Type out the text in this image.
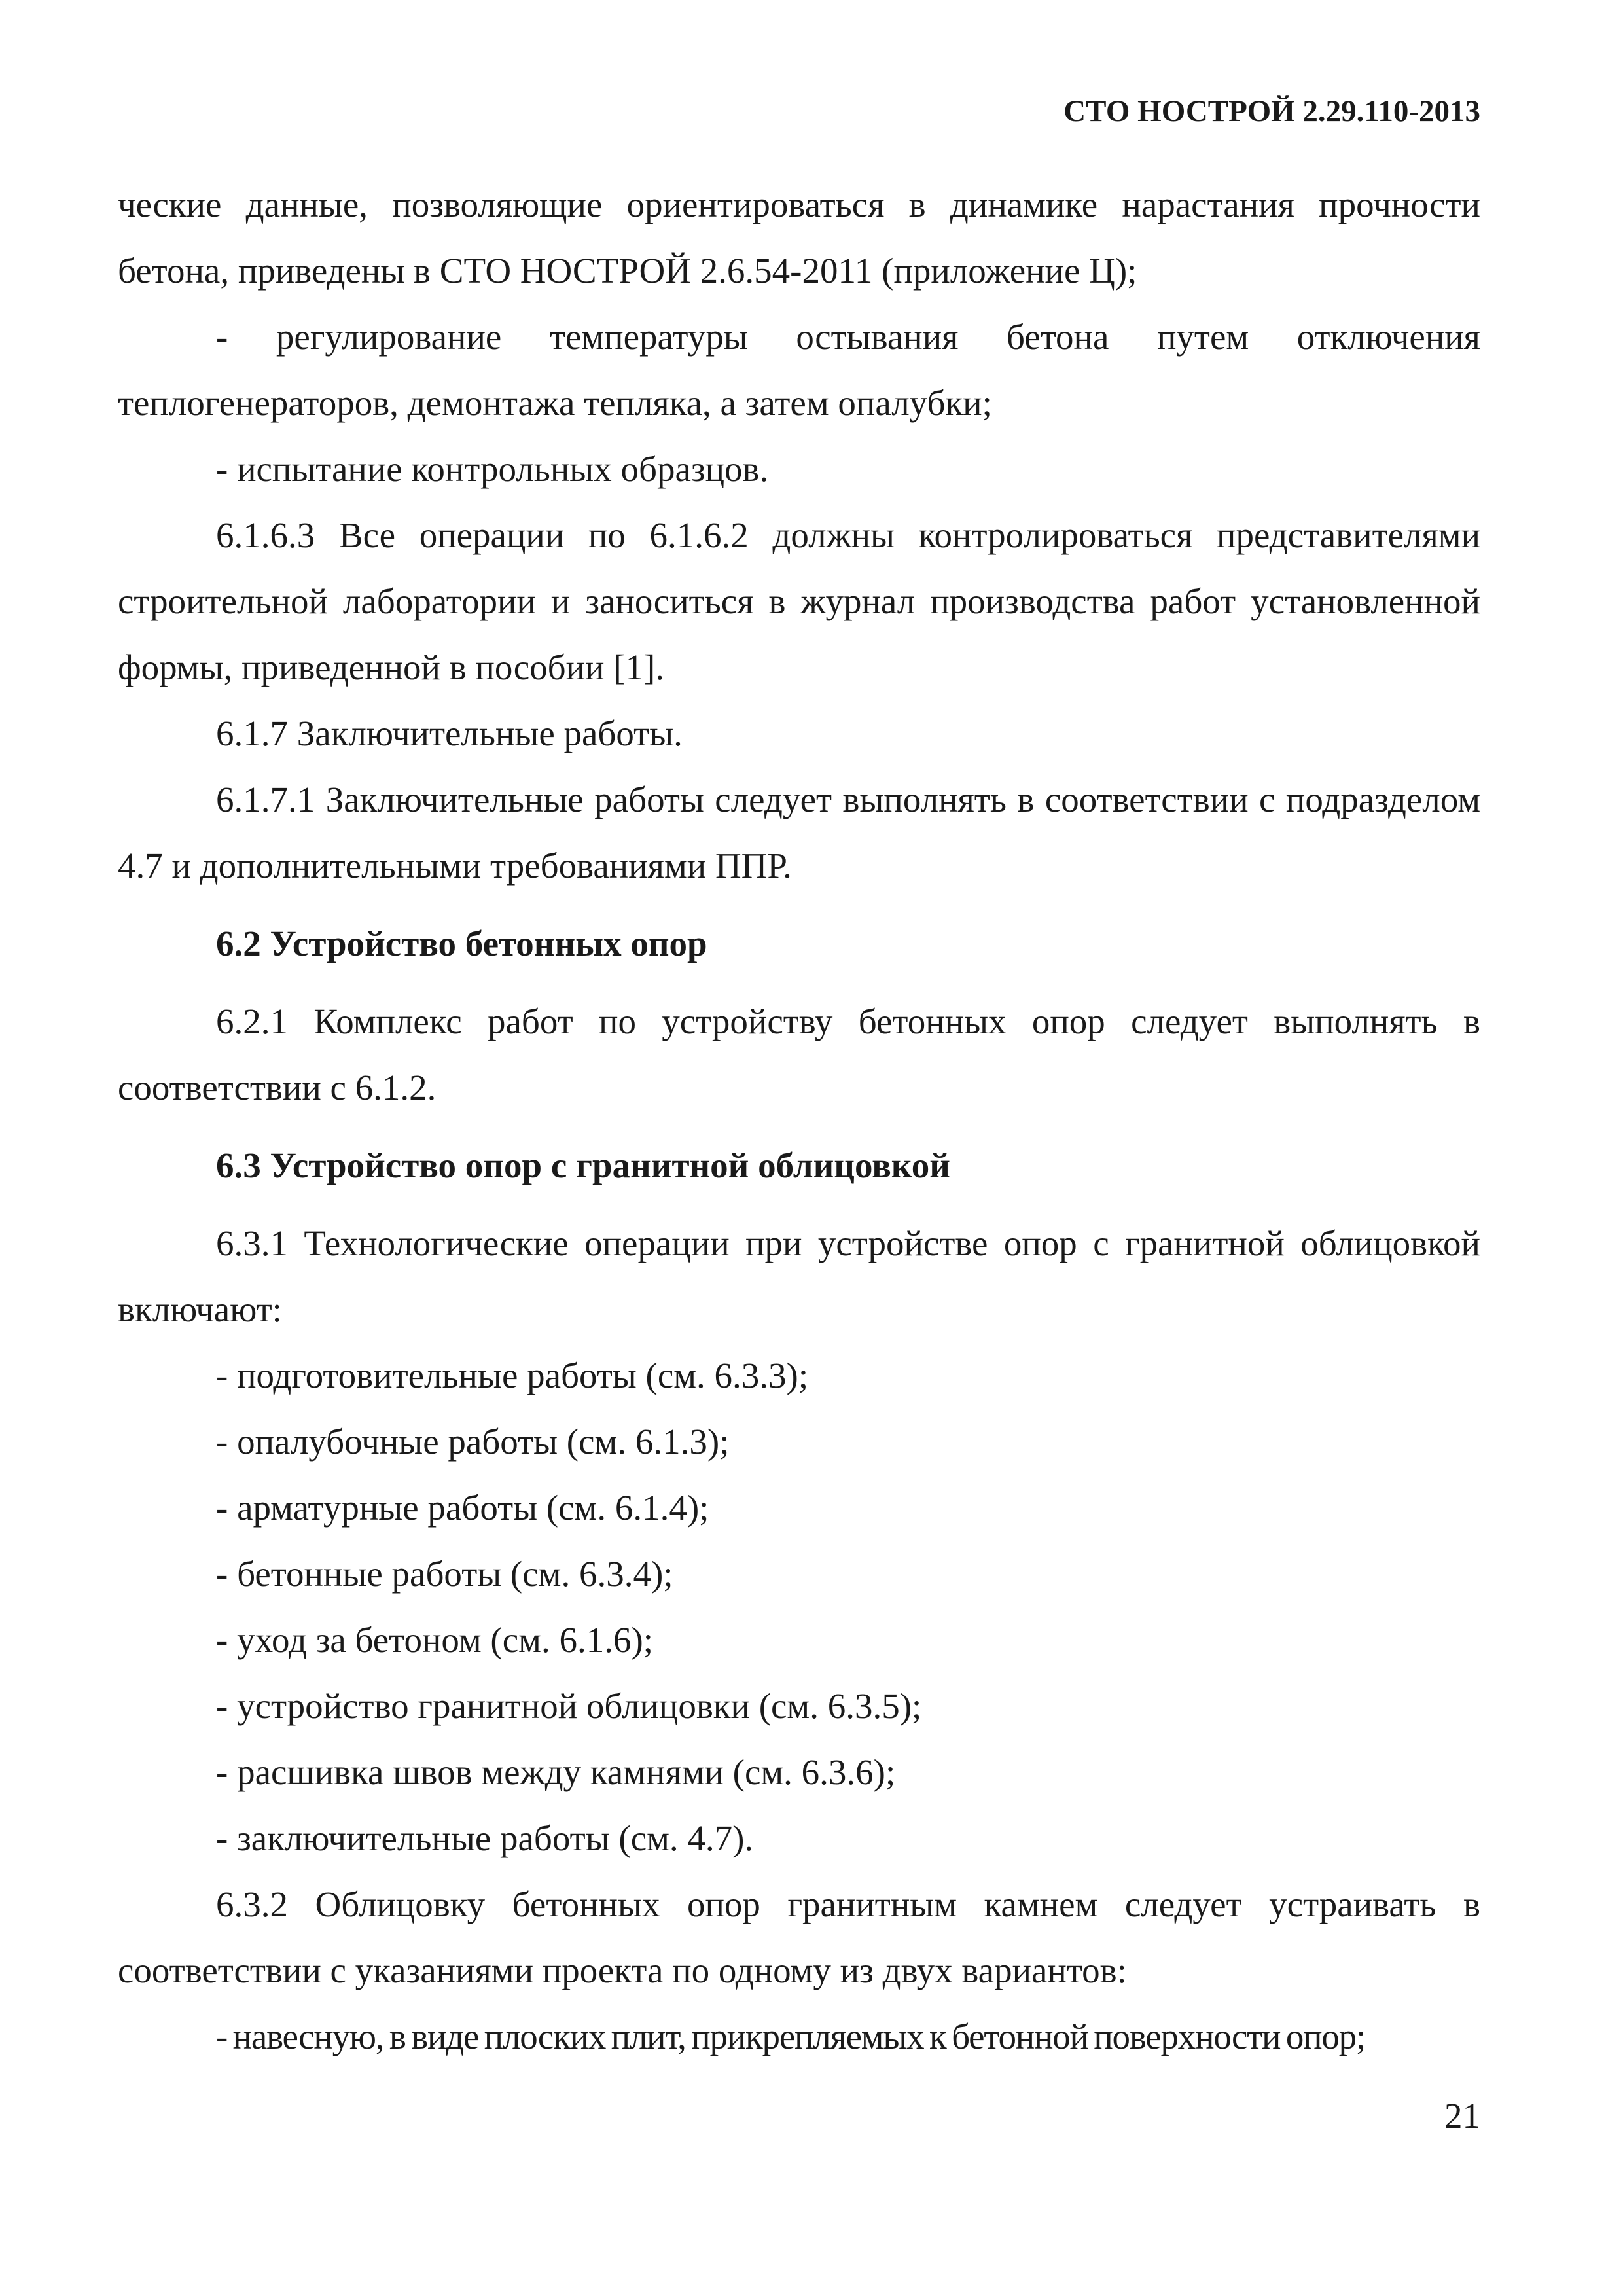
СТО НОСТРОЙ 2.29.110-2013

ческие данные, позволяющие ориентироваться в динамике нарастания прочности бетона, приведены в СТО НОСТРОЙ 2.6.54-2011 (приложение Ц);

- регулирование температуры остывания бетона путем отключения теплогенераторов, демонтажа тепляка, а затем опалубки;

- испытание контрольных образцов.

6.1.6.3 Все операции по 6.1.6.2 должны контролироваться представителями строительной лаборатории и заноситься в журнал производства работ установленной формы, приведенной в пособии [1].

6.1.7 Заключительные работы.

6.1.7.1 Заключительные работы следует выполнять в соответствии с подразделом 4.7 и дополнительными требованиями ППР.

6.2 Устройство бетонных опор

6.2.1 Комплекс работ по устройству бетонных опор следует выполнять в соответствии с 6.1.2.

6.3 Устройство опор с гранитной облицовкой

6.3.1 Технологические операции при устройстве опор с гранитной облицовкой включают:

- подготовительные работы (см. 6.3.3);

- опалубочные работы (см. 6.1.3);

- арматурные работы (см. 6.1.4);

- бетонные работы (см. 6.3.4);

- уход за бетоном (см. 6.1.6);

- устройство гранитной облицовки (см. 6.3.5);

- расшивка швов между камнями (см. 6.3.6);

- заключительные работы (см. 4.7).

6.3.2 Облицовку бетонных опор гранитным камнем следует устраивать в соответствии с указаниями проекта по одному из двух вариантов:

- навесную, в виде плоских плит, прикрепляемых к бетонной поверхности опор;

21
